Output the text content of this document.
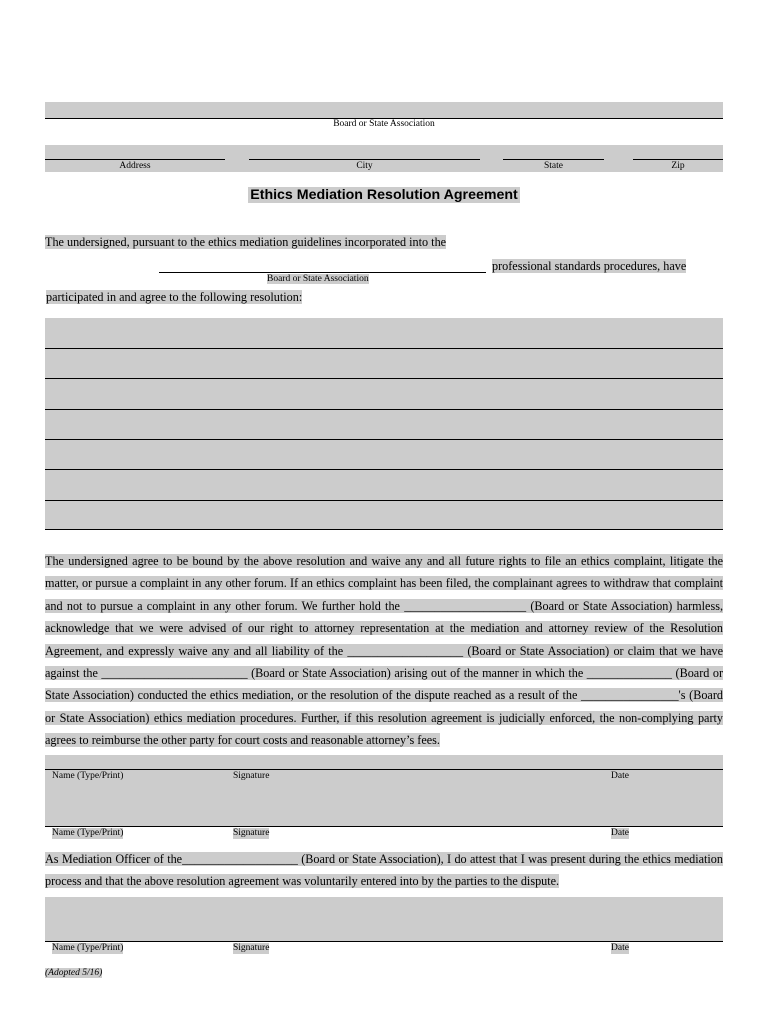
Board or State Association
Address	City	State	Zip
Ethics Mediation Resolution Agreement
The undersigned, pursuant to the ethics mediation guidelines incorporated into the
professional standards procedures, have
Board or State Association
participated in and agree to the following resolution:
The undersigned agree to be bound by the above resolution and waive any and all future rights to file an ethics complaint, litigate the matter, or pursue a complaint in any other forum. If an ethics complaint has been filed, the complainant agrees to withdraw that complaint and not to pursue a complaint in any other forum. We further hold the ____________________ (Board or State Association) harmless, acknowledge that we were advised of our right to attorney representation at the mediation and attorney review of the Resolution Agreement, and expressly waive any and all liability of the ___________________ (Board or State Association) or claim that we have against the ________________________ (Board or State Association) arising out of the manner in which the ______________ (Board or State Association) conducted the ethics mediation, or the resolution of the dispute reached as a result of the ________________'s (Board or State Association) ethics mediation procedures. Further, if this resolution agreement is judicially enforced, the non-complying party agrees to reimburse the other party for court costs and reasonable attorney’s fees.
Name (Type/Print)	Signature	Date
Name (Type/Print)	Signature	Date
As Mediation Officer of the___________________ (Board or State Association), I do attest that I was present during the ethics mediation process and that the above resolution agreement was voluntarily entered into by the parties to the dispute.
Name (Type/Print)	Signature	Date
(Adopted 5/16)
